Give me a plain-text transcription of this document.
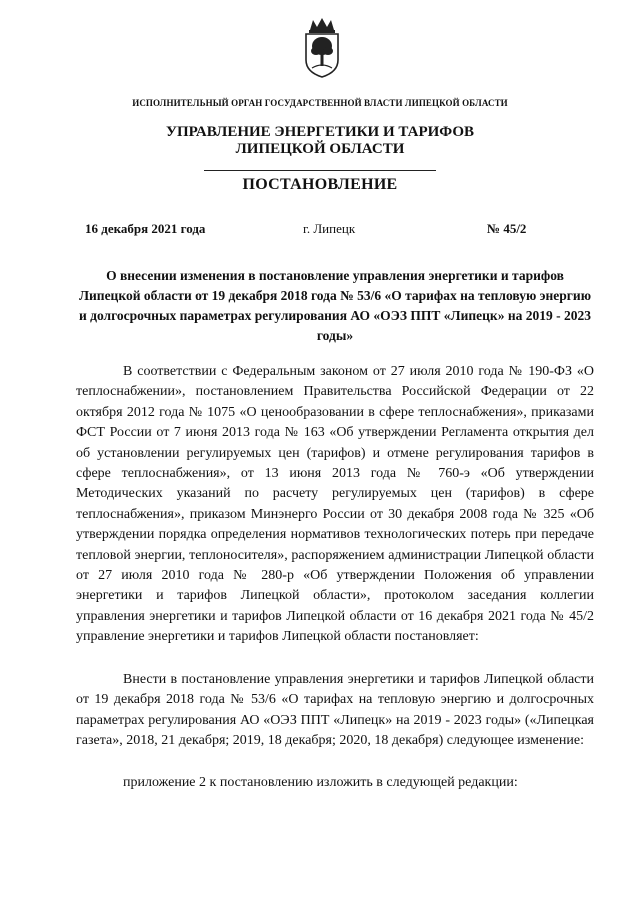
ИСПОЛНИТЕЛЬНЫЙ ОРГАН ГОСУДАРСТВЕННОЙ ВЛАСТИ ЛИПЕЦКОЙ ОБЛАСТИ
УПРАВЛЕНИЕ ЭНЕРГЕТИКИ И ТАРИФОВ
ЛИПЕЦКОЙ ОБЛАСТИ
ПОСТАНОВЛЕНИЕ
16 декабря 2021 года	г. Липецк	№ 45/2
О внесении изменения в постановление управления энергетики и тарифов Липецкой области от 19 декабря 2018 года № 53/6 «О тарифах на тепловую энергию и долгосрочных параметрах регулирования АО «ОЭЗ ППТ «Липецк» на 2019 - 2023 годы»

В соответствии с Федеральным законом от 27 июля 2010 года № 190-ФЗ «О теплоснабжении», постановлением Правительства Российской Федерации от 22 октября 2012 года № 1075 «О ценообразовании в сфере теплоснабжения», приказами ФСТ России от 7 июня 2013 года № 163 «Об утверждении Регламента открытия дел об установлении регулируемых цен (тарифов) и отмене регулирования тарифов в сфере теплоснабжения», от 13 июня 2013 года № 760-э «Об утверждении Методических указаний по расчету регулируемых цен (тарифов) в сфере теплоснабжения», приказом Минэнерго России от 30 декабря 2008 года № 325 «Об утверждении порядка определения нормативов технологических потерь при передаче тепловой энергии, теплоносителя», распоряжением администрации Липецкой области от 27 июля 2010 года № 280-р «Об утверждении Положения об управлении энергетики и тарифов Липецкой области», протоколом заседания коллегии управления энергетики и тарифов Липецкой области от 16 декабря 2021 года № 45/2 управление энергетики и тарифов Липецкой области постановляет:

Внести в постановление управления энергетики и тарифов Липецкой области от 19 декабря 2018 года № 53/6 «О тарифах на тепловую энергию и долгосрочных параметрах регулирования АО «ОЭЗ ППТ «Липецк» на 2019 - 2023 годы» («Липецкая газета», 2018, 21 декабря; 2019, 18 декабря; 2020, 18 декабря) следующее изменение:

приложение 2 к постановлению изложить в следующей редакции:
